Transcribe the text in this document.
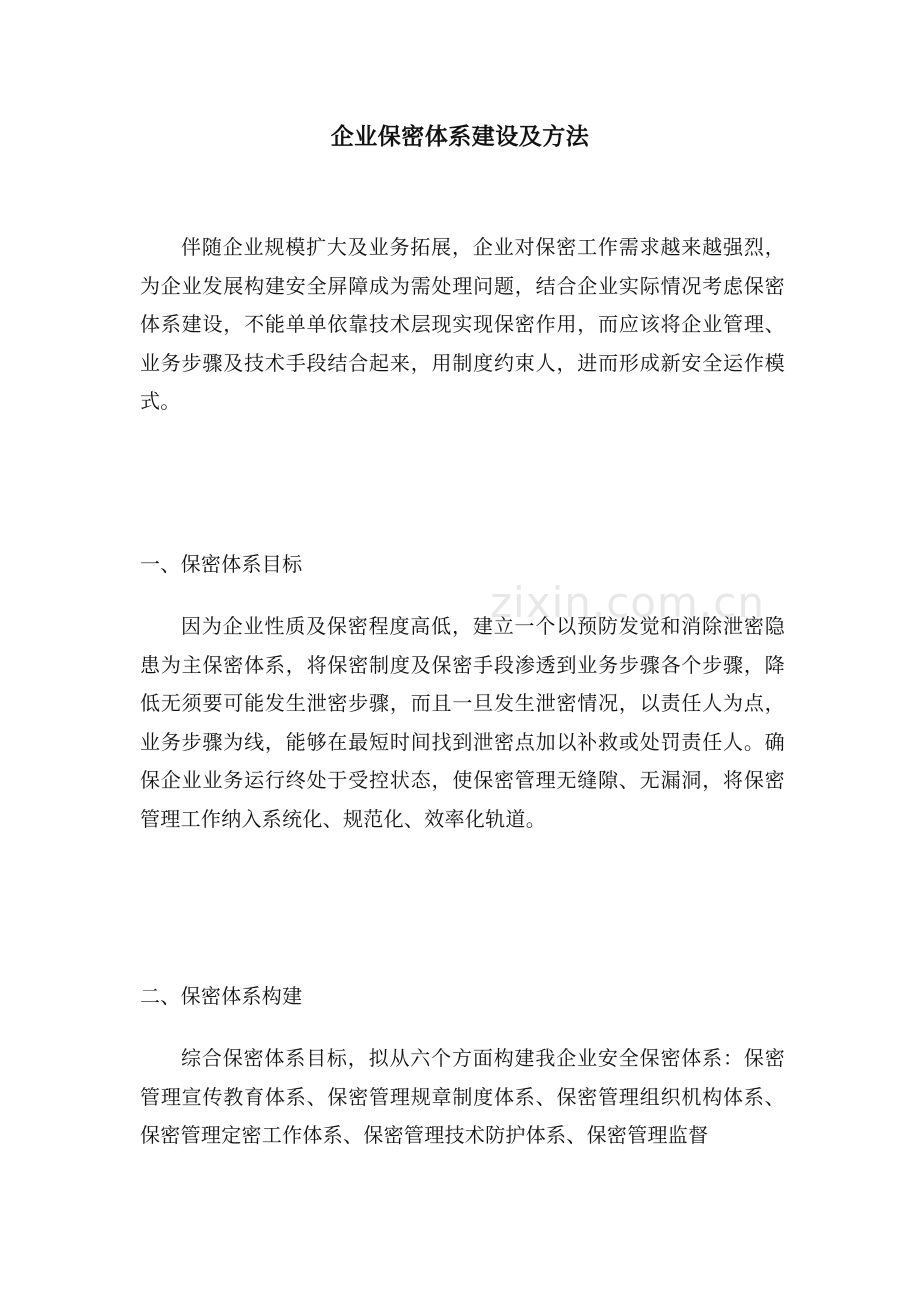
企业保密体系建设及方法

伴随企业规模扩大及业务拓展，企业对保密工作需求越来越强烈，为企业发展构建安全屏障成为需处理问题，结合企业实际情况考虑保密体系建设，不能单单依靠技术层现实现保密作用，而应该将企业管理、业务步骤及技术手段结合起来，用制度约束人，进而形成新安全运作模式。

一、保密体系目标

因为企业性质及保密程度高低，建立一个以预防发觉和消除泄密隐患为主保密体系，将保密制度及保密手段渗透到业务步骤各个步骤，降低无须要可能发生泄密步骤，而且一旦发生泄密情况，以责任人为点，业务步骤为线，能够在最短时间找到泄密点加以补救或处罚责任人。确保企业业务运行终处于受控状态，使保密管理无缝隙、无漏洞，将保密管理工作纳入系统化、规范化、效率化轨道。

二、保密体系构建

综合保密体系目标，拟从六个方面构建我企业安全保密体系：保密管理宣传教育体系、保密管理规章制度体系、保密管理组织机构体系、保密管理定密工作体系、保密管理技术防护体系、保密管理监督

zixin.com.cn
